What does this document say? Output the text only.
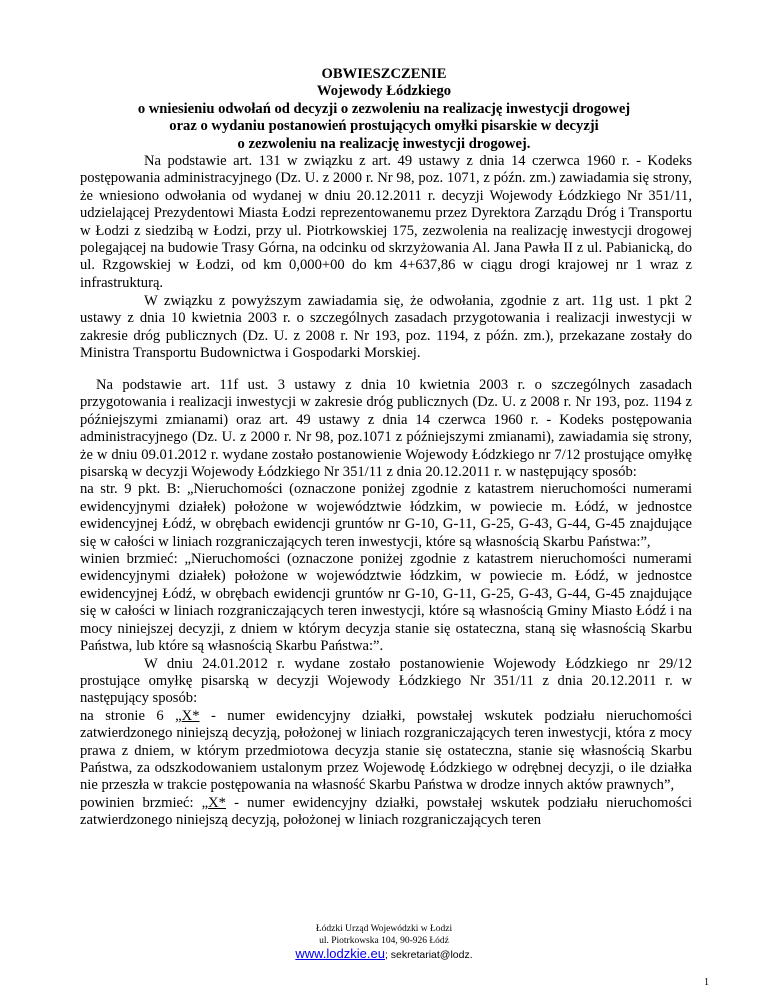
OBWIESZCZENIE
Wojewody Łódzkiego
o wniesieniu odwołań od decyzji o zezwoleniu na realizację inwestycji drogowej
oraz o wydaniu postanowień prostujących omyłki pisarskie w decyzji
o zezwoleniu na realizację inwestycji drogowej.

Na podstawie art. 131 w związku z art. 49 ustawy z dnia 14 czerwca 1960 r. - Kodeks postępowania administracyjnego (Dz. U. z 2000 r. Nr 98, poz. 1071, z późn. zm.) zawiadamia się strony, że wniesiono odwołania od wydanej w dniu 20.12.2011 r. decyzji Wojewody Łódzkiego Nr 351/11, udzielającej Prezydentowi Miasta Łodzi reprezentowanemu przez Dyrektora Zarządu Dróg i Transportu w Łodzi z siedzibą w Łodzi, przy ul. Piotrkowskiej 175, zezwolenia na realizację inwestycji drogowej polegającej na budowie Trasy Górna, na odcinku od skrzyżowania Al. Jana Pawła II z ul. Pabianicką, do ul. Rzgowskiej w Łodzi, od km 0,000+00 do km 4+637,86 w ciągu drogi krajowej nr 1 wraz z infrastrukturą.

W związku z powyższym zawiadamia się, że odwołania, zgodnie z art. 11g ust. 1 pkt 2 ustawy z dnia 10 kwietnia 2003 r. o szczególnych zasadach przygotowania i realizacji inwestycji w zakresie dróg publicznych (Dz. U. z 2008 r. Nr 193, poz. 1194, z późn. zm.), przekazane zostały do Ministra Transportu Budownictwa i Gospodarki Morskiej.

Na podstawie art. 11f ust. 3 ustawy z dnia 10 kwietnia 2003 r. o szczególnych zasadach przygotowania i realizacji inwestycji w zakresie dróg publicznych (Dz. U. z 2008 r. Nr 193, poz. 1194 z późniejszymi zmianami) oraz art. 49 ustawy z dnia 14 czerwca 1960 r. - Kodeks postępowania administracyjnego (Dz. U. z 2000 r. Nr 98, poz.1071 z późniejszymi zmianami), zawiadamia się strony, że w dniu 09.01.2012 r. wydane zostało postanowienie Wojewody Łódzkiego nr 7/12 prostujące omyłkę pisarską w decyzji Wojewody Łódzkiego Nr 351/11 z dnia 20.12.2011 r. w następujący sposób:

na str. 9 pkt. B: „Nieruchomości (oznaczone poniżej zgodnie z katastrem nieruchomości numerami ewidencyjnymi działek) położone w województwie łódzkim, w powiecie m. Łódź, w jednostce ewidencyjnej Łódź, w obrębach ewidencji gruntów nr G-10, G-11, G-25, G-43, G-44, G-45 znajdujące się w całości w liniach rozgraniczających teren inwestycji, które są własnością Skarbu Państwa:”,

winien brzmieć: „Nieruchomości (oznaczone poniżej zgodnie z katastrem nieruchomości numerami ewidencyjnymi działek) położone w województwie łódzkim, w powiecie m. Łódź, w jednostce ewidencyjnej Łódź, w obrębach ewidencji gruntów nr G-10, G-11, G-25, G-43, G-44, G-45 znajdujące się w całości w liniach rozgraniczających teren inwestycji, które są własnością Gminy Miasto Łódź i na mocy niniejszej decyzji, z dniem w którym decyzja stanie się ostateczna, staną się własnością Skarbu Państwa, lub które są własnością Skarbu Państwa:”.

W dniu 24.01.2012 r. wydane zostało postanowienie Wojewody Łódzkiego nr 29/12 prostujące omyłkę pisarską w decyzji Wojewody Łódzkiego Nr 351/11 z dnia 20.12.2011 r. w następujący sposób:

na stronie 6 „X* - numer ewidencyjny działki, powstałej wskutek podziału nieruchomości zatwierdzonego niniejszą decyzją, położonej w liniach rozgraniczających teren inwestycji, która z mocy prawa z dniem, w którym przedmiotowa decyzja stanie się ostateczna, stanie się własnością Skarbu Państwa, za odszkodowaniem ustalonym przez Wojewodę Łódzkiego w odrębnej decyzji, o ile działka nie przeszła w trakcie postępowania na własność Skarbu Państwa w drodze innych aktów prawnych”,

powinien brzmieć: „X* - numer ewidencyjny działki, powstałej wskutek podziału nieruchomości zatwierdzonego niniejszą decyzją, położonej w liniach rozgraniczających teren

Łódzki Urząd Wojewódzki w Łodzi
ul. Piotrkowska 104, 90-926 Łódź
www.lodzkie.eu; sekretariat@lodz.
1
